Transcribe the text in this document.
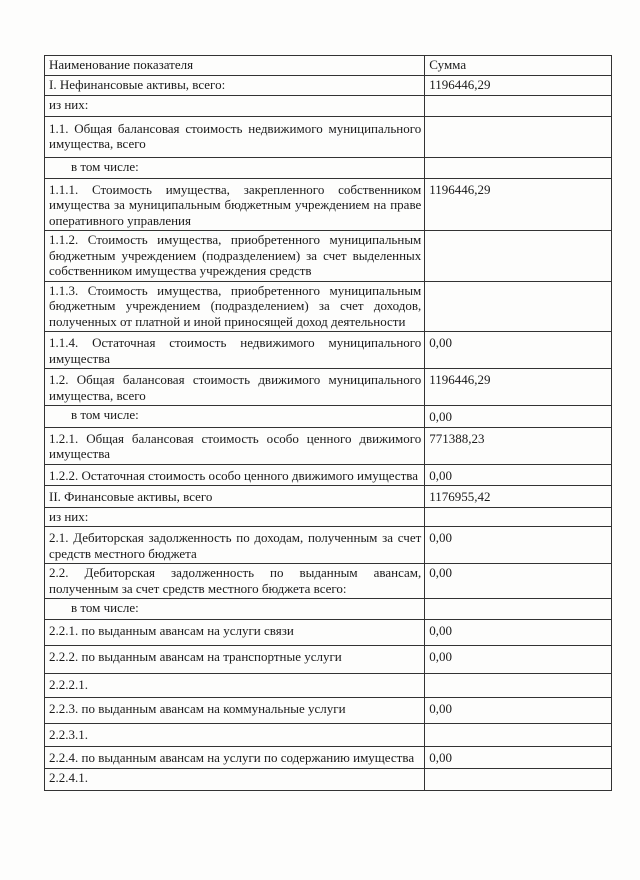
Наименование показателя	Сумма
I. Нефинансовые активы, всего:	1196446,29
из них:	
1.1. Общая балансовая стоимость недвижимого муниципального имущества, всего	
в том числе:	
1.1.1. Стоимость имущества, закрепленного собственником имущества за муниципальным бюджетным учреждением на праве оперативного управления	1196446,29
1.1.2. Стоимость имущества, приобретенного муниципальным бюджетным учреждением (подразделением) за счет выделенных собственником имущества учреждения средств	
1.1.3. Стоимость имущества, приобретенного муниципальным бюджетным учреждением (подразделением) за счет доходов, полученных от платной и иной приносящей доход деятельности	
1.1.4. Остаточная стоимость недвижимого муниципального имущества	0,00
1.2. Общая балансовая стоимость движимого муниципального имущества, всего	1196446,29
в том числе:	0,00
1.2.1. Общая балансовая стоимость особо ценного движимого имущества	771388,23
1.2.2. Остаточная стоимость особо ценного движимого имущества	0,00
II. Финансовые активы, всего	1176955,42
из них:	
2.1. Дебиторская задолженность по доходам, полученным за счет средств местного бюджета	0,00
2.2. Дебиторская задолженность по выданным авансам, полученным за счет средств местного бюджета всего:	0,00
в том числе:	
2.2.1. по выданным авансам на услуги связи	0,00
2.2.2. по выданным авансам на транспортные услуги	0,00
2.2.2.1.	
2.2.3. по выданным авансам на коммунальные услуги	0,00
2.2.3.1.	
2.2.4. по выданным авансам на услуги по содержанию имущества	0,00
2.2.4.1.	
